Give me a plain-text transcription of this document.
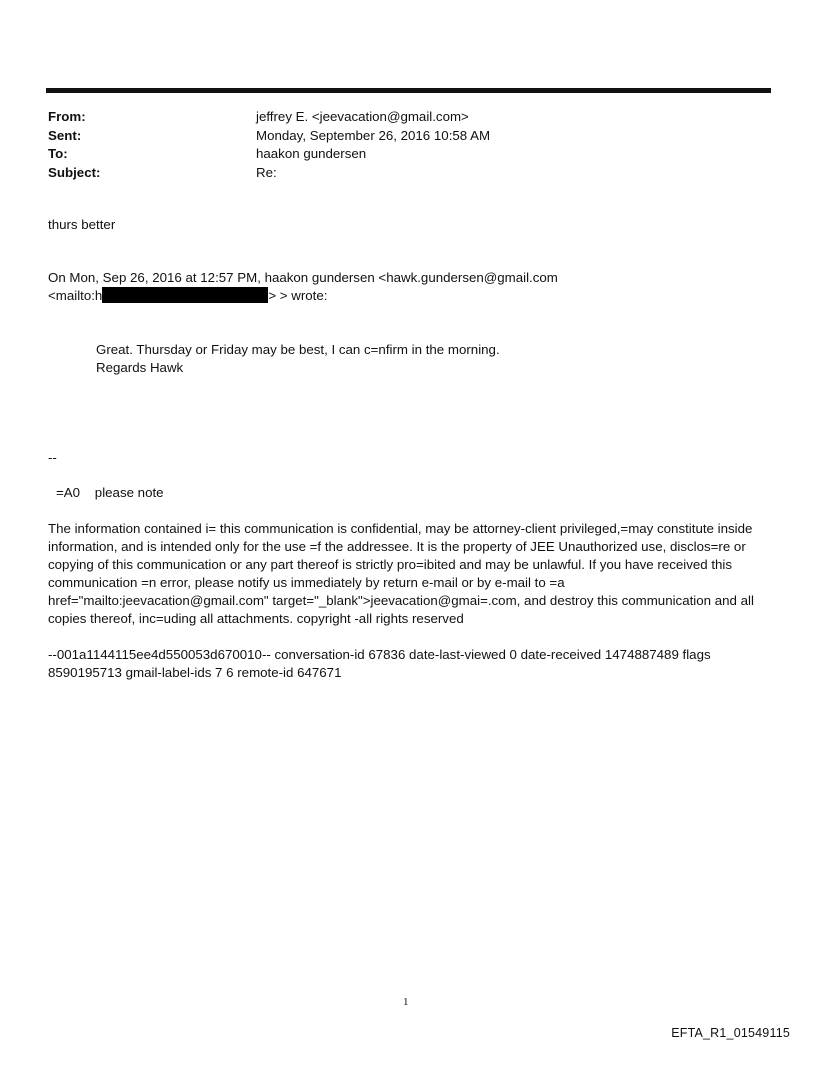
From:	jeffrey E. <jeevacation@gmail.com>
Sent:	Monday, September 26, 2016 10:58 AM
To:	haakon gundersen
Subject:	Re:
thurs better
On Mon, Sep 26, 2016 at 12:57 PM, haakon gundersen <hawk.gundersen@gmail.com
<mailto:h	> > wrote:
Great. Thursday or Friday may be best, I can c=nfirm in the morning.
Regards Hawk
--
=A0    please note
The information contained i= this communication is confidential, may be attorney-client privileged,=may constitute inside information, and is intended only for the use =f the addressee. It is the property of JEE Unauthorized use, disclos=re or copying of this communication or any part thereof is strictly pro=ibited and may be unlawful. If you have received this communication =n error, please notify us immediately by return e-mail or by e-mail to =a href="mailto:jeevacation@gmail.com" target="_blank">jeevacation@gmai=.com, and destroy this communication and all copies thereof, inc=uding all attachments. copyright -all rights reserved
--001a1144115ee4d550053d670010-- conversation-id 67836 date-last-viewed 0 date-received 1474887489 flags 8590195713 gmail-label-ids 7 6 remote-id 647671
1
EFTA_R1_01549115
